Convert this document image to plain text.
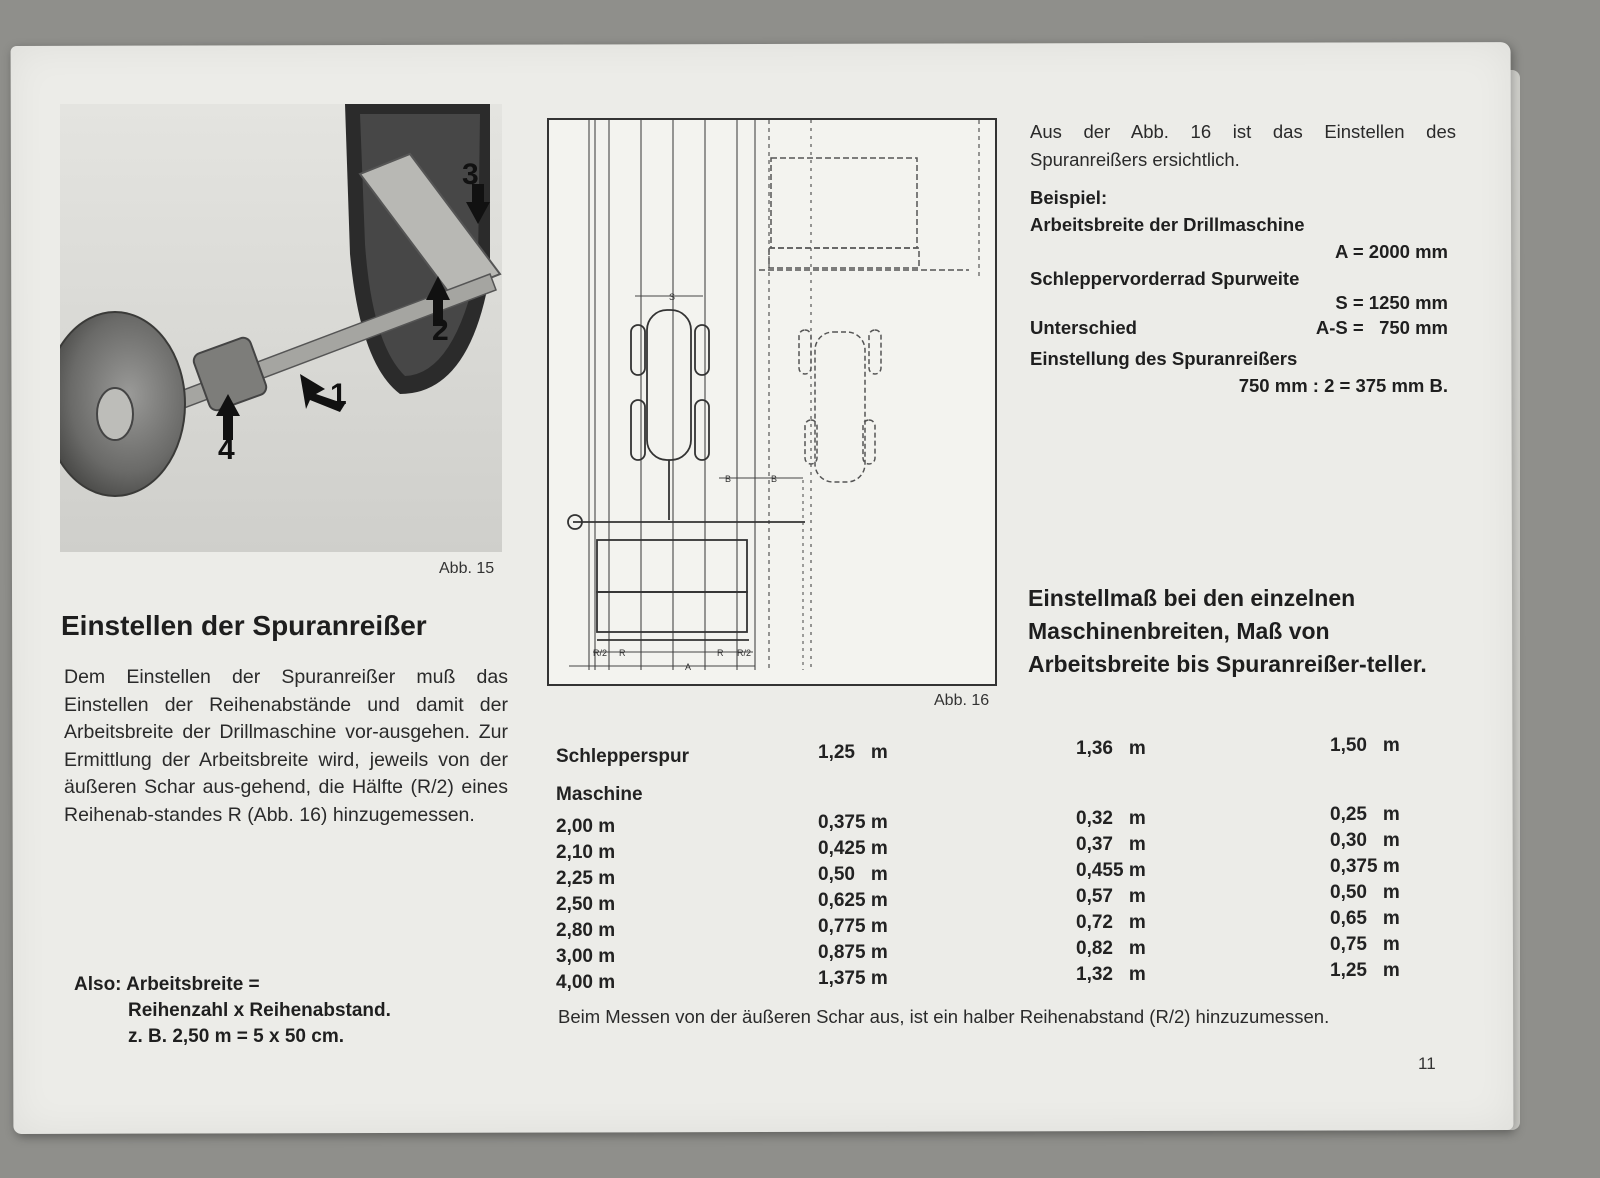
1
2
3
4
Abb. 15
Einstellen der Spuranreißer
Dem Einstellen der Spuranreißer muß das Einstellen der Reihenabstände und damit der Arbeitsbreite der Drillmaschine vor-ausgehen. Zur Ermittlung der Arbeitsbreite wird, jeweils von der äußeren Schar aus-gehend, die Hälfte (R/2) eines Reihenab-standes R (Abb. 16) hinzugemessen.
Also: Arbeitsbreite =
Reihenzahl x Reihenabstand.
z. B. 2,50 m = 5 x 50 cm.
S
B	B
R/2 R
A
R R/2
Abb. 16
Aus der Abb. 16 ist das Einstellen des Spuranreißers ersichtlich.
Beispiel:
Arbeitsbreite der Drillmaschine
A = 2000 mm
Schleppervorderrad Spurweite
S = 1250 mm
Unterschied	A-S =   750 mm
Einstellung des Spuranreißers
750 mm : 2 = 375 mm B.
Einstellmaß bei den einzelnen Maschinenbreiten, Maß von Arbeitsbreite bis Spuranreißer-teller.
Schlepperspur	1,25   m	1,36   m	1,50   m
Maschine
2,00 m	0,375 m	0,32   m	0,25   m
2,10 m	0,425 m	0,37   m	0,30   m
2,25 m	0,50   m	0,455 m	0,375 m
2,50 m	0,625 m	0,57   m	0,50   m
2,80 m	0,775 m	0,72   m	0,65   m
3,00 m	0,875 m	0,82   m	0,75   m
4,00 m	1,375 m	1,32   m	1,25   m
Beim Messen von der äußeren Schar aus, ist ein halber Reihenabstand (R/2) hinzuzumessen.
11
